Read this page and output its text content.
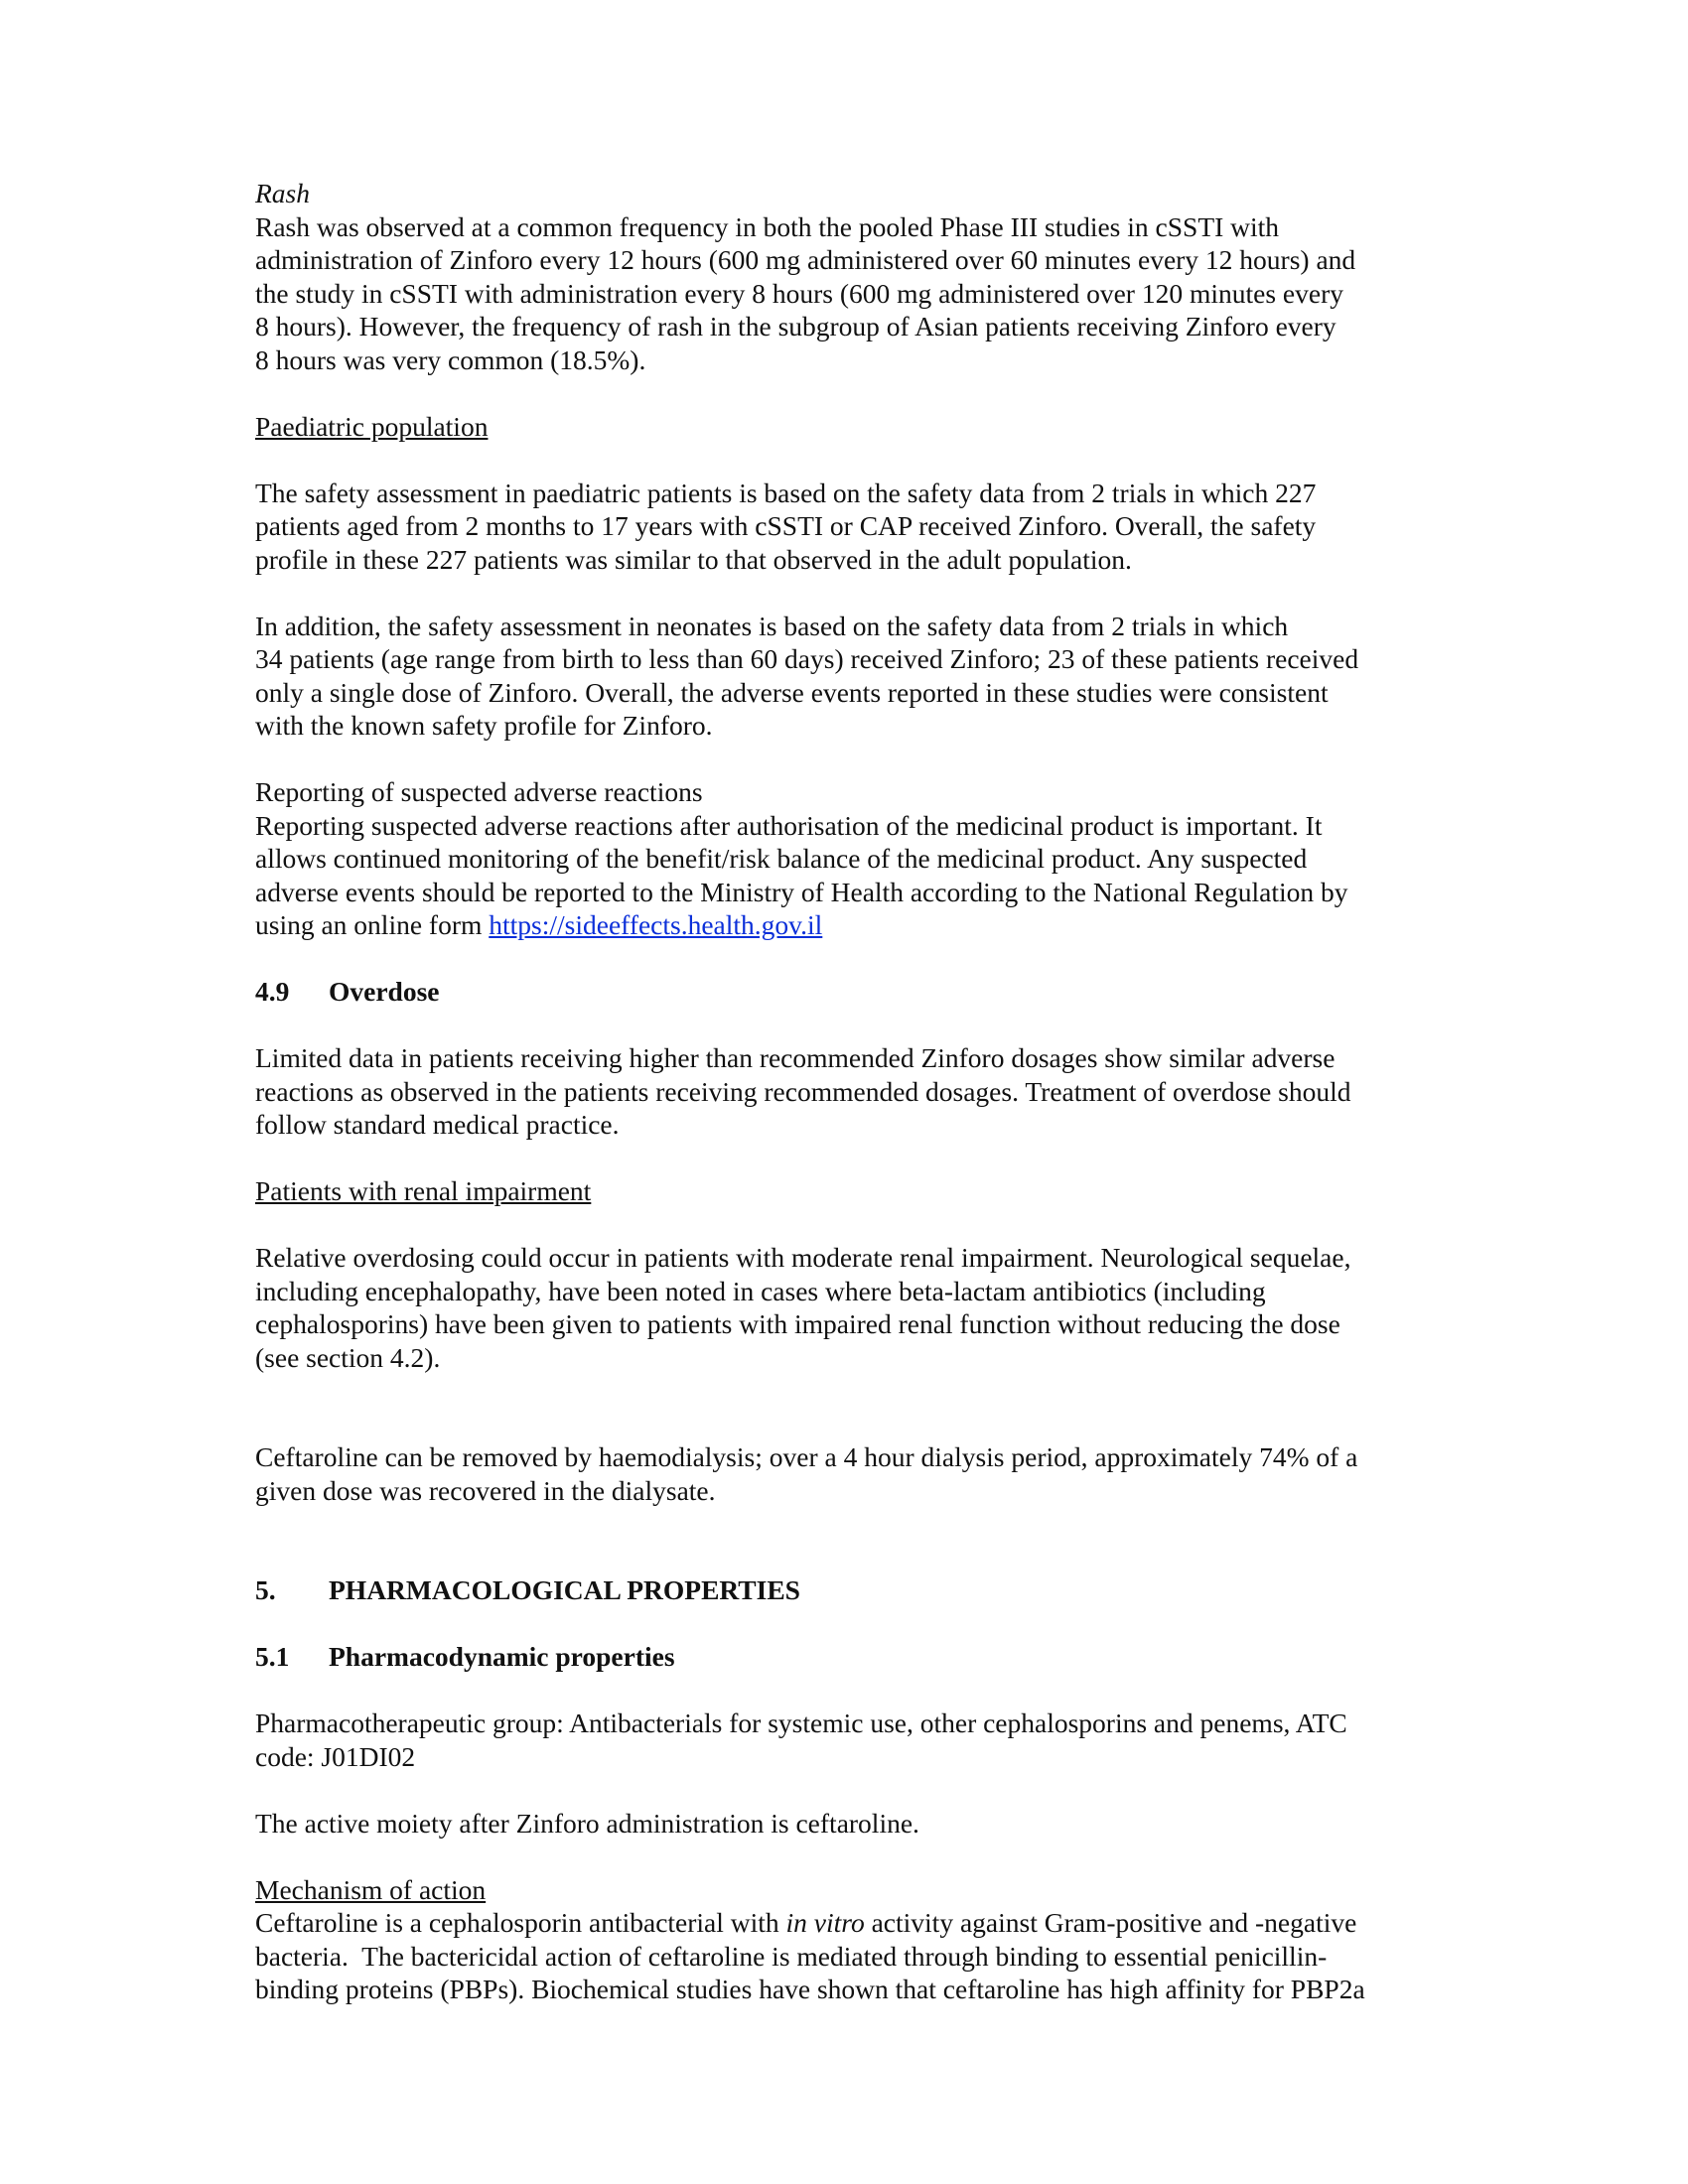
Rash
Rash was observed at a common frequency in both the pooled Phase III studies in cSSTI with
administration of Zinforo every 12 hours (600 mg administered over 60 minutes every 12 hours) and
the study in cSSTI with administration every 8 hours (600 mg administered over 120 minutes every
8 hours). However, the frequency of rash in the subgroup of Asian patients receiving Zinforo every
8 hours was very common (18.5%).
Paediatric population
The safety assessment in paediatric patients is based on the safety data from 2 trials in which 227
patients aged from 2 months to 17 years with cSSTI or CAP received Zinforo. Overall, the safety
profile in these 227 patients was similar to that observed in the adult population.
In addition, the safety assessment in neonates is based on the safety data from 2 trials in which
34 patients (age range from birth to less than 60 days) received Zinforo; 23 of these patients received
only a single dose of Zinforo. Overall, the adverse events reported in these studies were consistent
with the known safety profile for Zinforo.
Reporting of suspected adverse reactions
Reporting suspected adverse reactions after authorisation of the medicinal product is important. It
allows continued monitoring of the benefit/risk balance of the medicinal product. Any suspected
adverse events should be reported to the Ministry of Health according to the National Regulation by
using an online form https://sideeffects.health.gov.il
4.9	Overdose
Limited data in patients receiving higher than recommended Zinforo dosages show similar adverse
reactions as observed in the patients receiving recommended dosages. Treatment of overdose should
follow standard medical practice.
Patients with renal impairment
Relative overdosing could occur in patients with moderate renal impairment. Neurological sequelae,
including encephalopathy, have been noted in cases where beta-lactam antibiotics (including
cephalosporins) have been given to patients with impaired renal function without reducing the dose
(see section 4.2).
Ceftaroline can be removed by haemodialysis; over a 4 hour dialysis period, approximately 74% of a
given dose was recovered in the dialysate.
5.	PHARMACOLOGICAL PROPERTIES
5.1	Pharmacodynamic properties
Pharmacotherapeutic group: Antibacterials for systemic use, other cephalosporins and penems, ATC
code: J01DI02
The active moiety after Zinforo administration is ceftaroline.
Mechanism of action
Ceftaroline is a cephalosporin antibacterial with in vitro activity against Gram-positive and -negative
bacteria.  The bactericidal action of ceftaroline is mediated through binding to essential penicillin-
binding proteins (PBPs). Biochemical studies have shown that ceftaroline has high affinity for PBP2a
